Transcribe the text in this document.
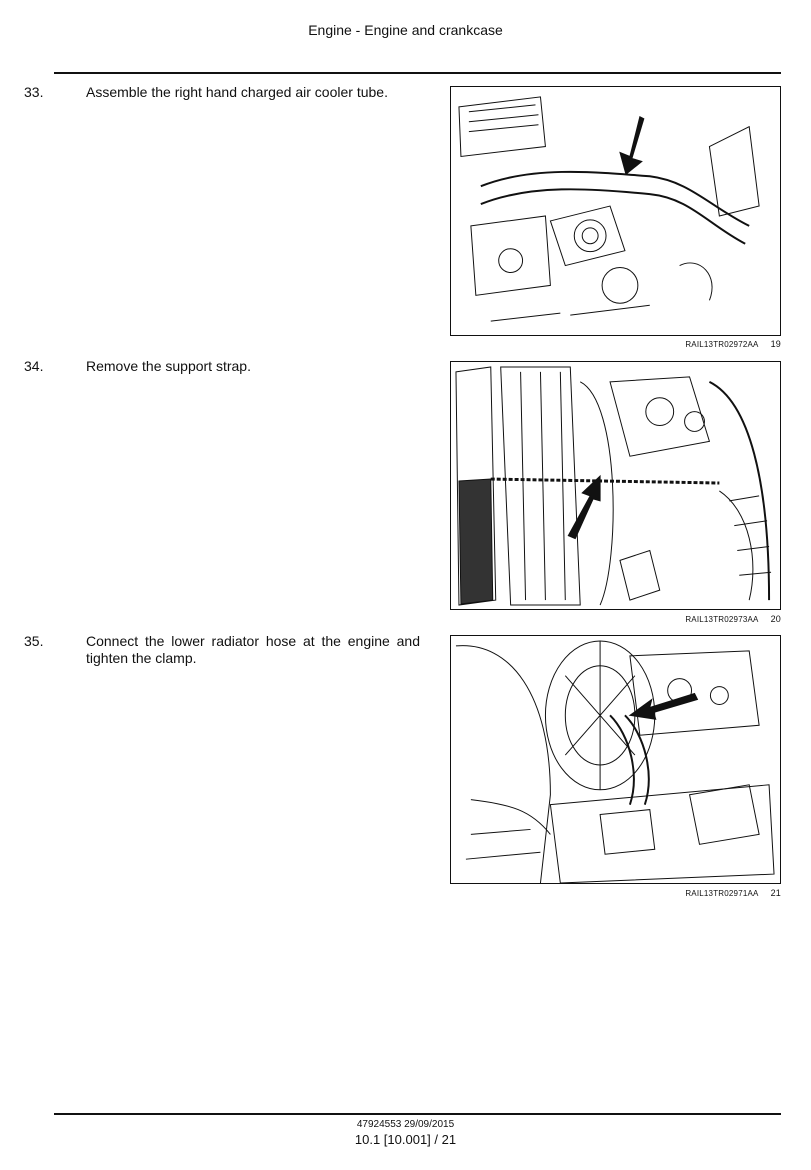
Engine - Engine and crankcase
33.	Assemble the right hand charged air cooler tube.
RAIL13TR02972AA 19
34.	Remove the support strap.
RAIL13TR02973AA 20
35.	Connect the lower radiator hose at the engine and tighten the clamp.
RAIL13TR02971AA 21
47924553 29/09/2015
10.1 [10.001] / 21
